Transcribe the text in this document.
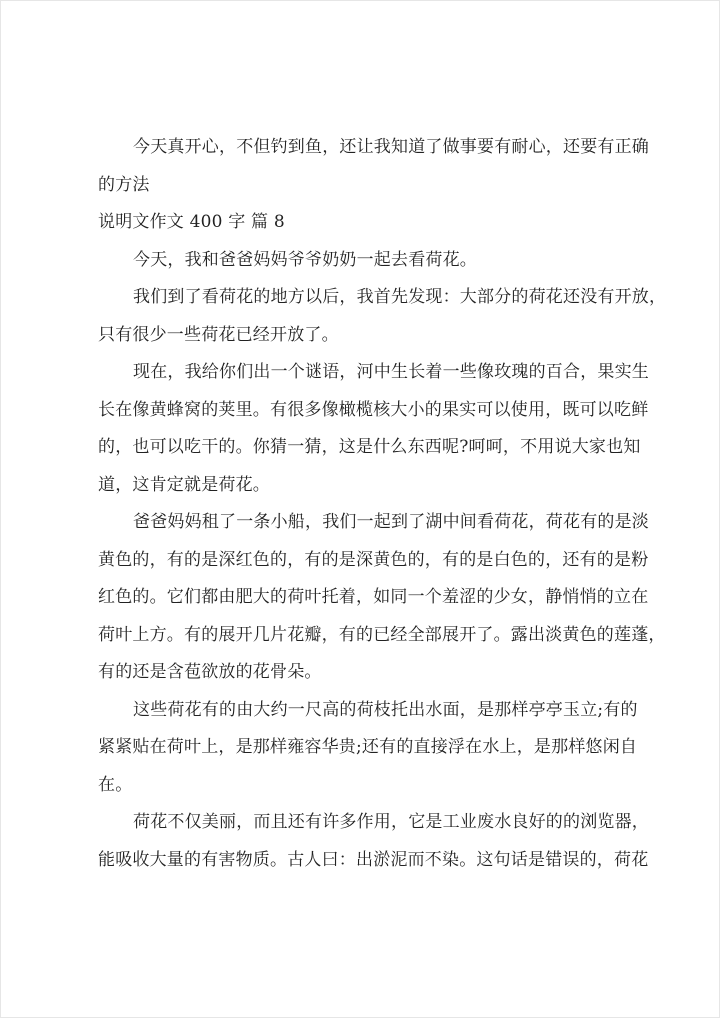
今天真开心，不但钓到鱼，还让我知道了做事要有耐心，还要有正确
的方法
说明文作文 400 字 篇 8
今天，我和爸爸妈妈爷爷奶奶一起去看荷花。
我们到了看荷花的地方以后，我首先发现：大部分的荷花还没有开放，
只有很少一些荷花已经开放了。
现在，我给你们出一个谜语，河中生长着一些像玫瑰的百合，果实生
长在像黄蜂窝的荚里。有很多像橄榄核大小的果实可以使用，既可以吃鲜
的，也可以吃干的。你猜一猜，这是什么东西呢?呵呵，不用说大家也知
道，这肯定就是荷花。
爸爸妈妈租了一条小船，我们一起到了湖中间看荷花，荷花有的是淡
黄色的，有的是深红色的，有的是深黄色的，有的是白色的，还有的是粉
红色的。它们都由肥大的荷叶托着，如同一个羞涩的少女，静悄悄的立在
荷叶上方。有的展开几片花瓣，有的已经全部展开了。露出淡黄色的莲蓬，
有的还是含苞欲放的花骨朵。
这些荷花有的由大约一尺高的荷枝托出水面，是那样亭亭玉立;有的
紧紧贴在荷叶上，是那样雍容华贵;还有的直接浮在水上，是那样悠闲自
在。
荷花不仅美丽，而且还有许多作用，它是工业废水良好的的浏览器，
能吸收大量的有害物质。古人曰：出淤泥而不染。这句话是错误的，荷花
